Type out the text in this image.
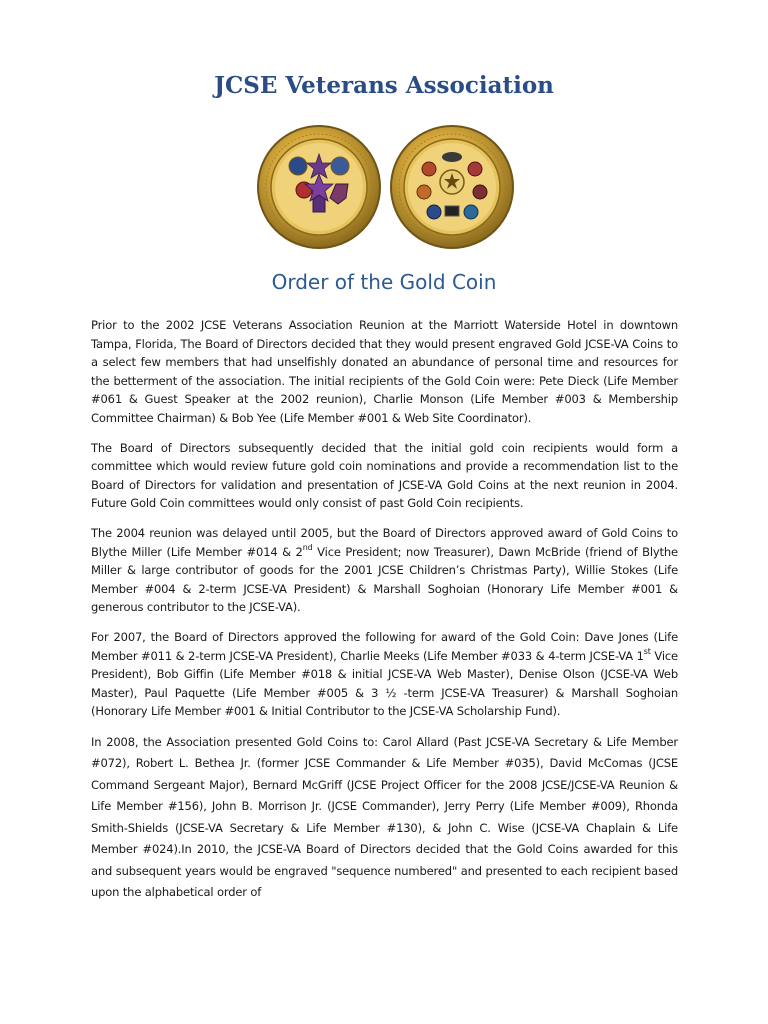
JCSE Veterans Association
Order of the Gold Coin

Prior to the 2002 JCSE Veterans Association Reunion at the Marriott Waterside Hotel in downtown Tampa, Florida, The Board of Directors decided that they would present engraved Gold JCSE-VA Coins to a select few members that had unselfishly donated an abundance of personal time and resources for the betterment of the association. The initial recipients of the Gold Coin were: Pete Dieck (Life Member #061 & Guest Speaker at the 2002 reunion), Charlie Monson (Life Member #003 & Membership Committee Chairman) & Bob Yee (Life Member #001 & Web Site Coordinator).

The Board of Directors subsequently decided that the initial gold coin recipients would form a committee which would review future gold coin nominations and provide a recommendation list to the Board of Directors for validation and presentation of JCSE-VA Gold Coins at the next reunion in 2004. Future Gold Coin committees would only consist of past Gold Coin recipients.

The 2004 reunion was delayed until 2005, but the Board of Directors approved award of Gold Coins to Blythe Miller (Life Member #014 & 2nd Vice President; now Treasurer), Dawn McBride (friend of Blythe Miller & large contributor of goods for the 2001 JCSE Children’s Christmas Party), Willie Stokes (Life Member #004 & 2-term JCSE-VA President) & Marshall Soghoian (Honorary Life Member #001 & generous contributor to the JCSE-VA).

For 2007, the Board of Directors approved the following for award of the Gold Coin: Dave Jones (Life Member #011 & 2-term JCSE-VA President), Charlie Meeks (Life Member #033 & 4-term JCSE-VA 1st Vice President), Bob Giffin (Life Member #018 & initial JCSE-VA Web Master), Denise Olson (JCSE-VA Web Master), Paul Paquette (Life Member #005 & 3 ½ -term JCSE-VA Treasurer) & Marshall Soghoian (Honorary Life Member #001 & Initial Contributor to the JCSE-VA Scholarship Fund).

In 2008, the Association presented Gold Coins to: Carol Allard (Past JCSE-VA Secretary & Life Member #072), Robert L. Bethea Jr. (former JCSE Commander & Life Member #035), David McComas (JCSE Command Sergeant Major), Bernard McGriff (JCSE Project Officer for the 2008 JCSE/JCSE-VA Reunion & Life Member #156), John B. Morrison Jr. (JCSE Commander), Jerry Perry (Life Member #009), Rhonda Smith-Shields (JCSE-VA Secretary & Life Member #130), & John C. Wise (JCSE-VA Chaplain & Life Member #024).In 2010, the JCSE-VA Board of Directors decided that the Gold Coins awarded for this and subsequent years would be engraved "sequence numbered" and presented to each recipient based upon the alphabetical order of
